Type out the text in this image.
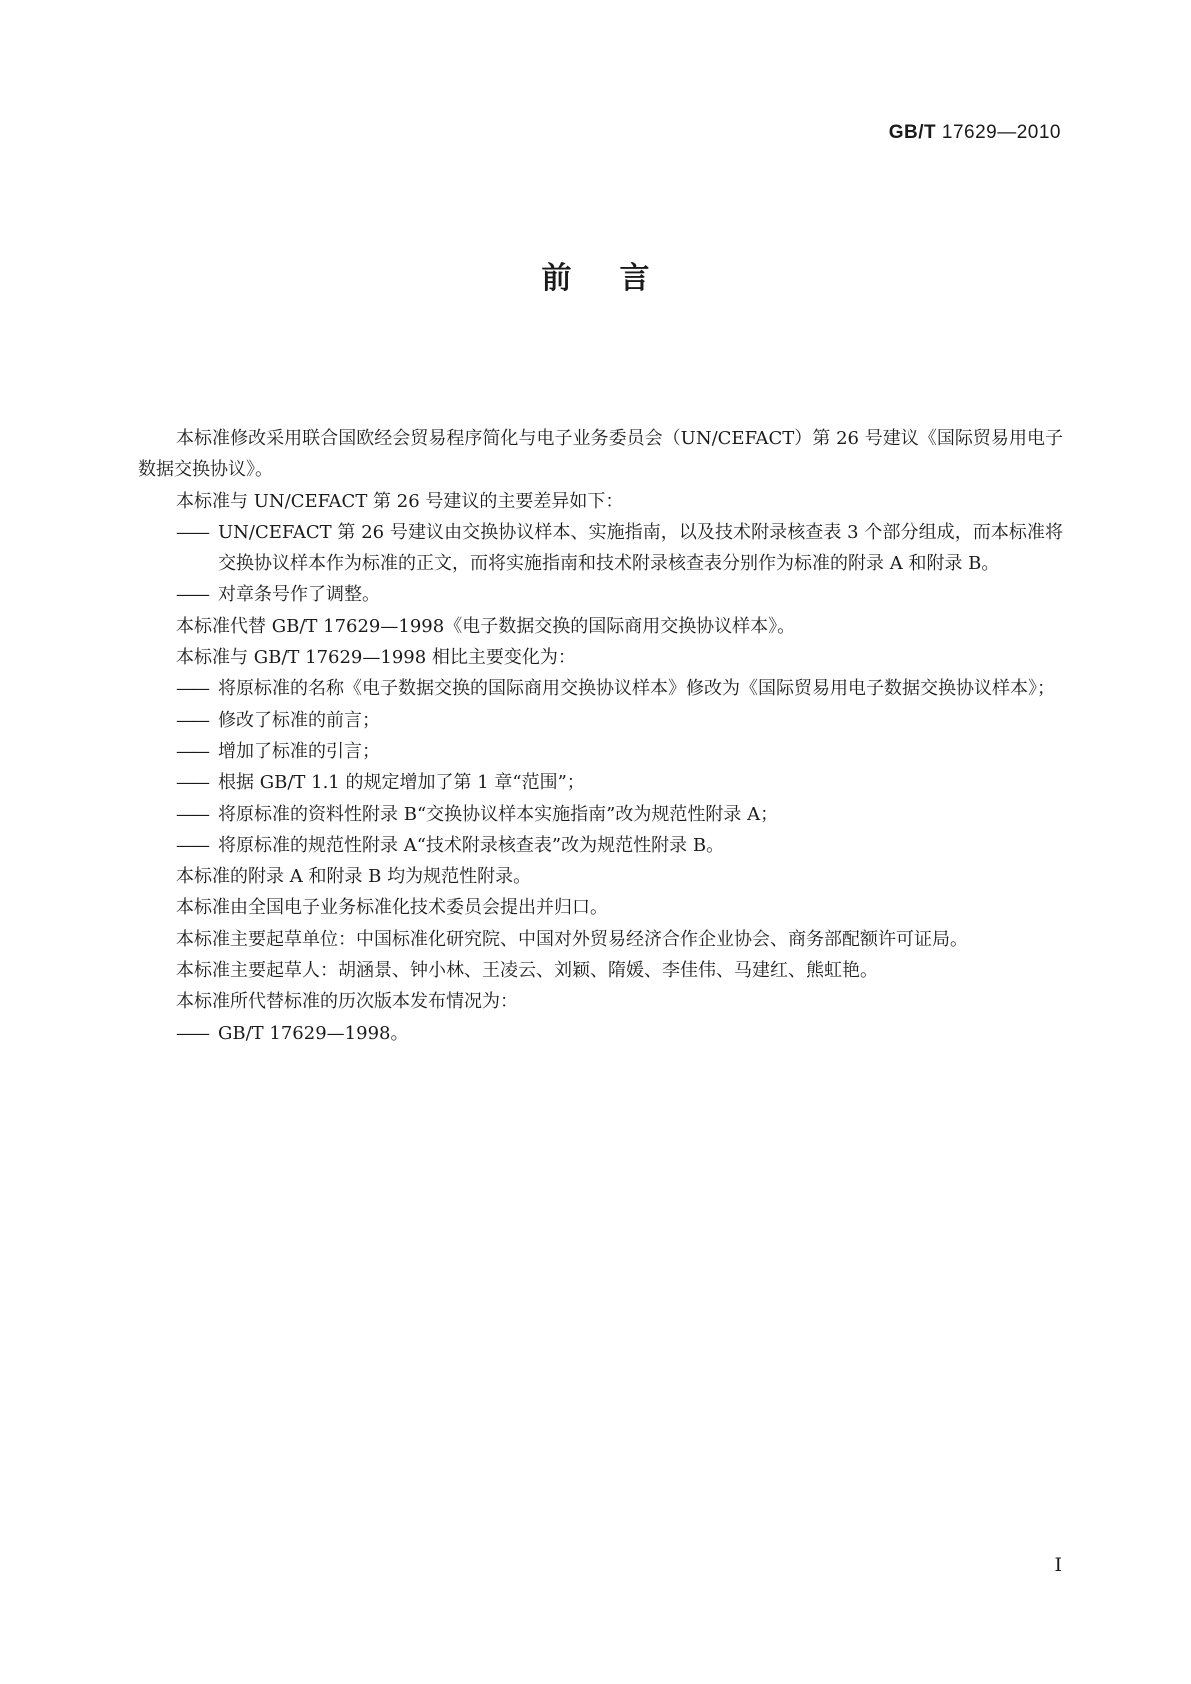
GB/T 17629—2010
前言

本标准修改采用联合国欧经会贸易程序简化与电子业务委员会（UN/CEFACT）第 26 号建议《国际贸易用电子数据交换协议》。

本标准与 UN/CEFACT 第 26 号建议的主要差异如下：

—— UN/CEFACT 第 26 号建议由交换协议样本、实施指南，以及技术附录核查表 3 个部分组成，而本标准将交换协议样本作为标准的正文，而将实施指南和技术附录核查表分别作为标准的附录 A 和附录 B。

—— 对章条号作了调整。

本标准代替 GB/T 17629—1998《电子数据交换的国际商用交换协议样本》。

本标准与 GB/T 17629—1998 相比主要变化为：

—— 将原标准的名称《电子数据交换的国际商用交换协议样本》修改为《国际贸易用电子数据交换协议样本》；

—— 修改了标准的前言；

—— 增加了标准的引言；

—— 根据 GB/T 1.1 的规定增加了第 1 章“范围”；

—— 将原标准的资料性附录 B“交换协议样本实施指南”改为规范性附录 A；

—— 将原标准的规范性附录 A“技术附录核查表”改为规范性附录 B。

本标准的附录 A 和附录 B 均为规范性附录。

本标准由全国电子业务标准化技术委员会提出并归口。

本标准主要起草单位：中国标准化研究院、中国对外贸易经济合作企业协会、商务部配额许可证局。

本标准主要起草人：胡涵景、钟小林、王凌云、刘颖、隋媛、李佳伟、马建红、熊虹艳。

本标准所代替标准的历次版本发布情况为：

—— GB/T 17629—1998。

I
